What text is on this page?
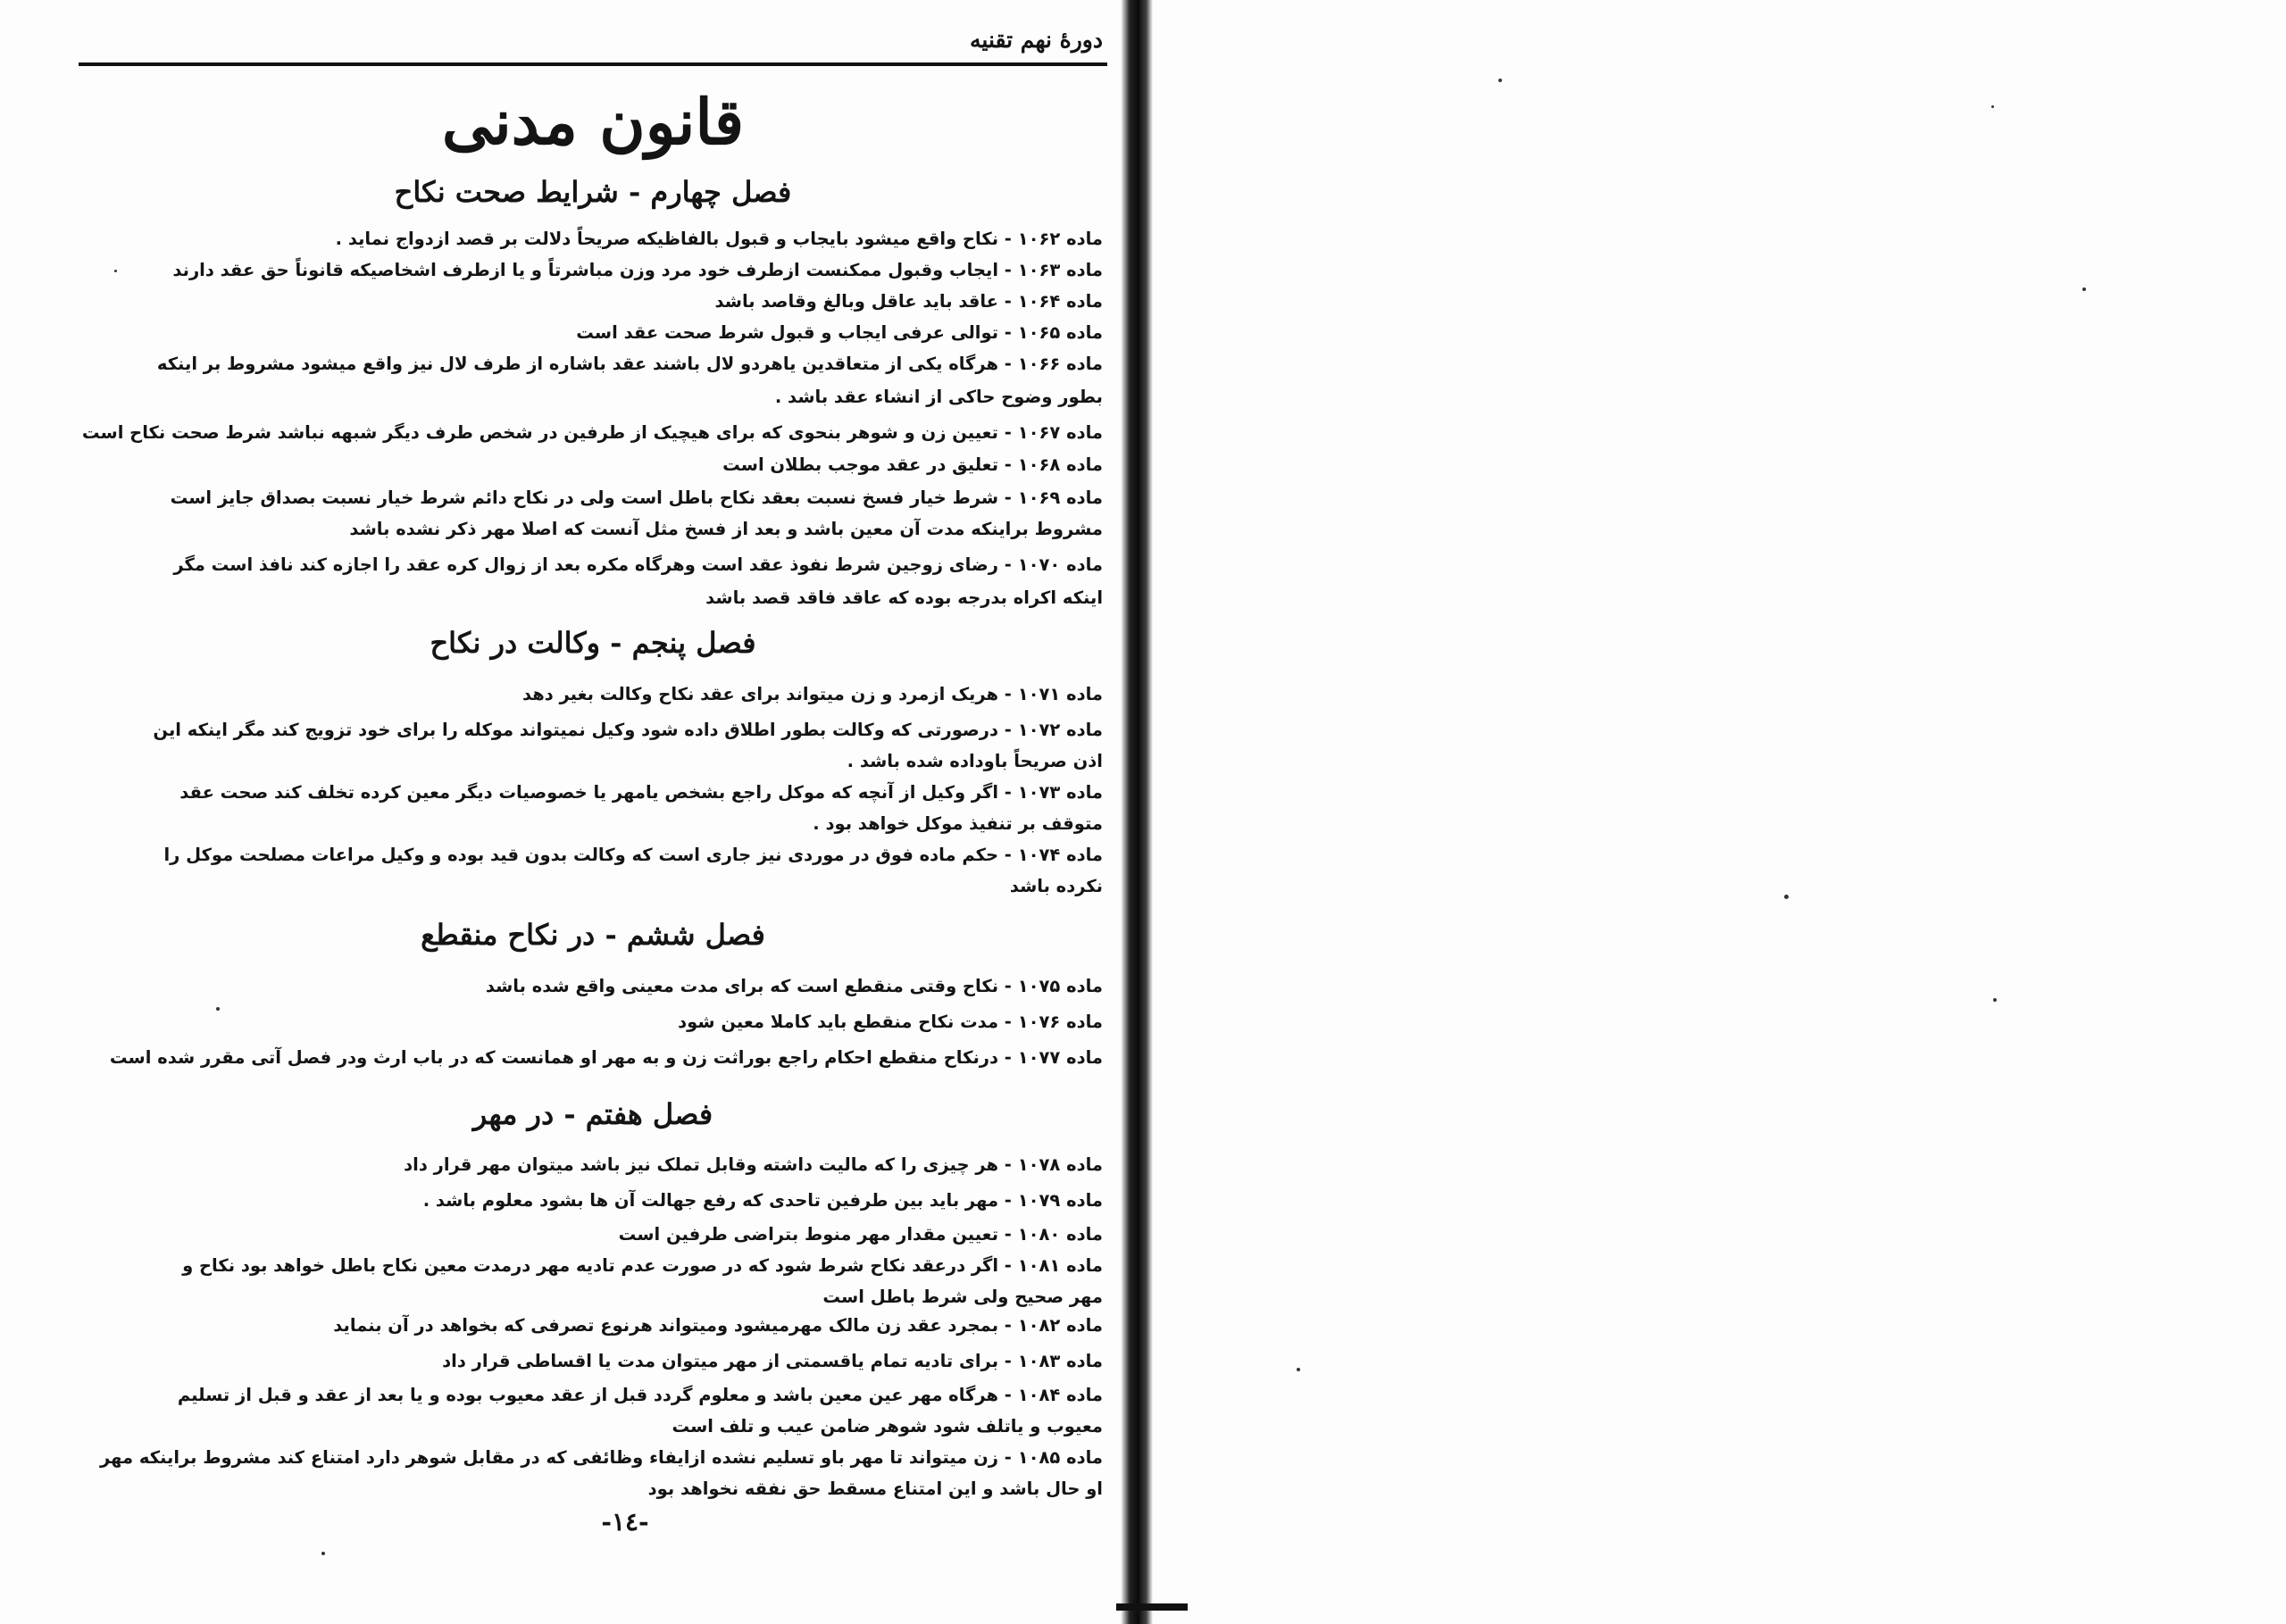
دورهٔ نهم تقنیه
قانون مدنی
فصل چهارم - شرایط صحت نکاح
ماده ۱۰۶۲ - نکاح واقع میشود بایجاب و قبول بالفاظیکه صریحاً دلالت بر قصد ازدواج نماید .
ماده ۱۰۶۳ - ایجاب وقبول ممکنست ازطرف خود مرد وزن مباشرتاً و یا ازطرف اشخاصیکه قانوناً حق عقد دارند
ماده ۱۰۶۴ - عاقد باید عاقل وبالغ وقاصد باشد
ماده ۱۰۶۵ - توالی عرفی ایجاب و قبول شرط صحت عقد است
ماده ۱۰۶۶ - هرگاه یکی از متعاقدین یاهردو لال باشند عقد باشاره از طرف لال نیز واقع میشود مشروط بر اینکه
بطور وضوح حاکی از انشاء عقد باشد .
ماده ۱۰۶۷ - تعیین زن و شوهر بنحوی که برای هیچیک از طرفین در شخص طرف دیگر شبهه نباشد شرط صحت نکاح است
ماده ۱۰۶۸ - تعلیق در عقد موجب بطلان است
ماده ۱۰۶۹ - شرط خیار فسخ نسبت بعقد نکاح باطل است ولی در نکاح دائم شرط خیار نسبت بصداق جایز است
مشروط براینکه مدت آن معین باشد و بعد از فسخ مثل آنست که اصلا مهر ذکر نشده باشد
ماده ۱۰۷۰ - رضای زوجین شرط نفوذ عقد است وهرگاه مکره بعد از زوال کره عقد را اجازه کند نافذ است مگر
اینکه اکراه بدرجه بوده که عاقد فاقد قصد باشد
فصل پنجم - وکالت در نکاح
ماده ۱۰۷۱ - هریک ازمرد و زن میتواند برای عقد نکاح وکالت بغیر دهد
ماده ۱۰۷۲ - درصورتی که وکالت بطور اطلاق داده شود وکیل نمیتواند موکله را برای خود تزویج کند مگر اینکه این
اذن صریحاً باوداده شده باشد .
ماده ۱۰۷۳ - اگر وکیل از آنچه که موکل راجع بشخص یامهر یا خصوصیات دیگر معین کرده تخلف کند صحت عقد
متوقف بر تنفیذ موکل خواهد بود .
ماده ۱۰۷۴ - حکم ماده فوق در موردی نیز جاری است که وکالت بدون قید بوده و وکیل مراعات مصلحت موکل را
نکرده باشد
فصل ششم - در نکاح منقطع
ماده ۱۰۷۵ - نکاح وقتی منقطع است که برای مدت معینی واقع شده باشد
ماده ۱۰۷۶ - مدت نکاح منقطع باید کاملا معین شود
ماده ۱۰۷۷ - درنکاح منقطع احکام راجع بوراثت زن و به مهر او همانست که در باب ارث ودر فصل آتی مقرر شده است
فصل هفتم - در مهر
ماده ۱۰۷۸ - هر چیزی را که مالیت داشته وقابل تملک نیز باشد میتوان مهر قرار داد
ماده ۱۰۷۹ - مهر باید بین طرفین تاحدی که رفع جهالت آن ها بشود معلوم باشد .
ماده ۱۰۸۰ - تعیین مقدار مهر منوط بتراضی طرفین است
ماده ۱۰۸۱ - اگر درعقد نکاح شرط شود که در صورت عدم تادیه مهر درمدت معین نکاح باطل خواهد بود نکاح و
مهر صحیح ولی شرط باطل است
ماده ۱۰۸۲ - بمجرد عقد زن مالک مهرمیشود ومیتواند هرنوع تصرفی که بخواهد در آن بنماید
ماده ۱۰۸۳ - برای تادیه تمام یاقسمتی از مهر میتوان مدت یا اقساطی قرار داد
ماده ۱۰۸۴ - هرگاه مهر عین معین باشد و معلوم گردد قبل از عقد معیوب بوده و یا بعد از عقد و قبل از تسلیم
معیوب و یاتلف شود شوهر ضامن عیب و تلف است
ماده ۱۰۸۵ - زن میتواند تا مهر باو تسلیم نشده ازایفاء وظائفی که در مقابل شوهر دارد امتناع کند مشروط براینکه مهر
او حال باشد و این امتناع مسقط حق نفقه نخواهد بود
-١٤-
